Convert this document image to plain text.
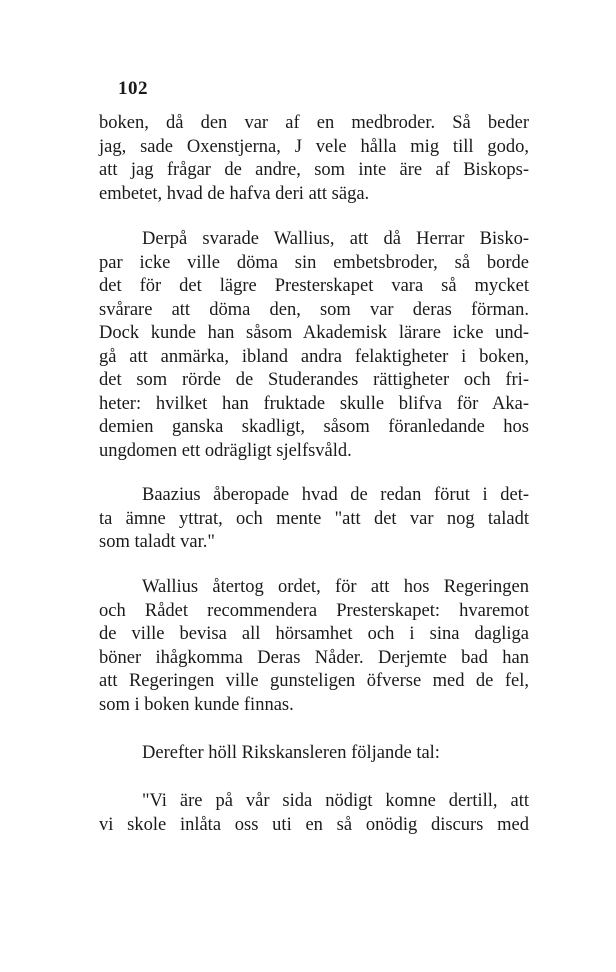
102
boken, då den var af en medbroder. Så beder
jag, sade Oxenstjerna, J vele hålla mig till godo,
att jag frågar de andre, som inte äre af Biskops-
embetet, hvad de hafva deri att säga.
Derpå svarade Wallius, att då Herrar Bisko-
par icke ville döma sin embetsbroder, så borde
det för det lägre Presterskapet vara så mycket
svårare att döma den, som var deras förman.
Dock kunde han såsom Akademisk lärare icke und-
gå att anmärka, ibland andra felaktigheter i boken,
det som rörde de Studerandes rättigheter och fri-
heter: hvilket han fruktade skulle blifva för Aka-
demien ganska skadligt, såsom föranledande hos
ungdomen ett odrägligt sjelfsvåld.
Baazius åberopade hvad de redan förut i det-
ta ämne yttrat, och mente "att det var nog taladt
som taladt var."
Wallius återtog ordet, för att hos Regeringen
och Rådet recommendera Presterskapet: hvaremot
de ville bevisa all hörsamhet och i sina dagliga
böner ihågkomma Deras Nåder. Derjemte bad han
att Regeringen ville gunsteligen öfverse med de fel,
som i boken kunde finnas.
Derefter höll Rikskansleren följande tal:
"Vi äre på vår sida nödigt komne dertill, att
vi skole inlåta oss uti en så onödig discurs med
